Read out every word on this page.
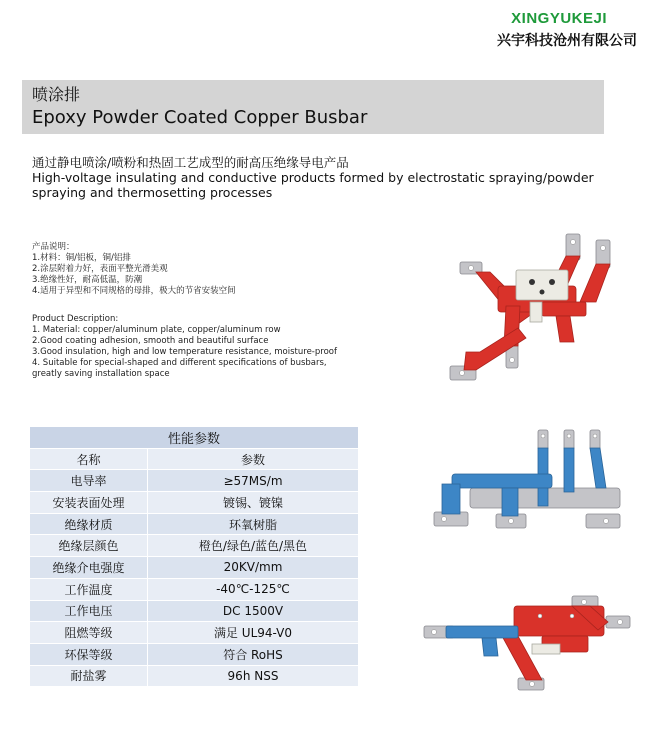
XINGYUKEJI
兴宇科技沧州有限公司
喷涂排
Epoxy Powder Coated Copper Busbar
通过静电喷涂/喷粉和热固工艺成型的耐高压绝缘导电产品
High-voltage insulating and conductive products formed by electrostatic spraying/powder
spraying and thermosetting processes
产品说明：
1.材料：铜/铝板，铜/铝排
2.涂层附着力好，表面平整光滑美观
3.绝缘性好，耐高低温，防潮
4.适用于异型和不同规格的母排，极大的节省安装空间
Product Description:
1. Material: copper/aluminum plate, copper/aluminum row
2.Good coating adhesion, smooth and beautiful surface
3.Good insulation, high and low temperature resistance, moisture-proof
4. Suitable for special-shaped and different specifications of busbars,
greatly saving installation space
性能参数	
名称	参数
电导率	≥57MS/m
安装表面处理	镀锡、镀镍
绝缘材质	环氧树脂
绝缘层颜色	橙色/绿色/蓝色/黑色
绝缘介电强度	20KV/mm
工作温度	-40℃-125℃
工作电压	DC 1500V
阻燃等级	满足 UL94-V0
环保等级	符合 RoHS
耐盐雾	96h NSS
